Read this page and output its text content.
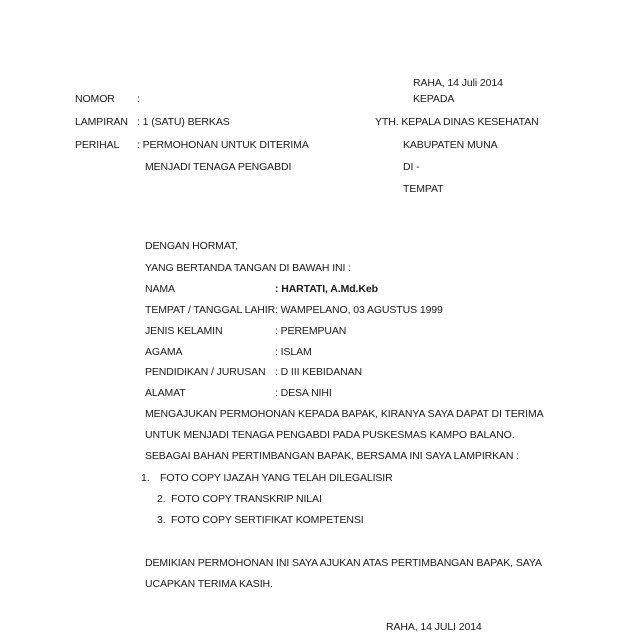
RAHA, 14 Juli 2014
NOMOR :	KEPADA
LAMPIRAN : 1 (SATU) BERKAS	YTH. KEPALA DINAS KESEHATAN
PERIHAL : PERMOHONAN UNTUK DITERIMA	KABUPATEN MUNA
MENJADI TENAGA PENGABDI	DI -
TEMPAT
DENGAN HORMAT,
YANG BERTANDA TANGAN DI BAWAH INI :
NAMA	: HARTATI, A.Md.Keb
TEMPAT / TANGGAL LAHIR : WAMPELANO, 03 AGUSTUS 1999
JENIS KELAMIN	: PEREMPUAN
AGAMA	: ISLAM
PENDIDIKAN / JURUSAN : D III KEBIDANAN
ALAMAT	: DESA NIHI
MENGAJUKAN PERMOHONAN KEPADA BAPAK, KIRANYA SAYA DAPAT DI TERIMA
UNTUK MENJADI TENAGA PENGABDI PADA PUSKESMAS KAMPO BALANO.
SEBAGAI BAHAN PERTIMBANGAN BAPAK, BERSAMA INI SAYA LAMPIRKAN :
1. FOTO COPY IJAZAH YANG TELAH DILEGALISIR
2. FOTO COPY TRANSKRIP NILAI
3. FOTO COPY SERTIFIKAT KOMPETENSI
DEMIKIAN PERMOHONAN INI SAYA AJUKAN ATAS PERTIMBANGAN BAPAK, SAYA
UCAPKAN TERIMA KASIH.
RAHA, 14 JULI 2014
